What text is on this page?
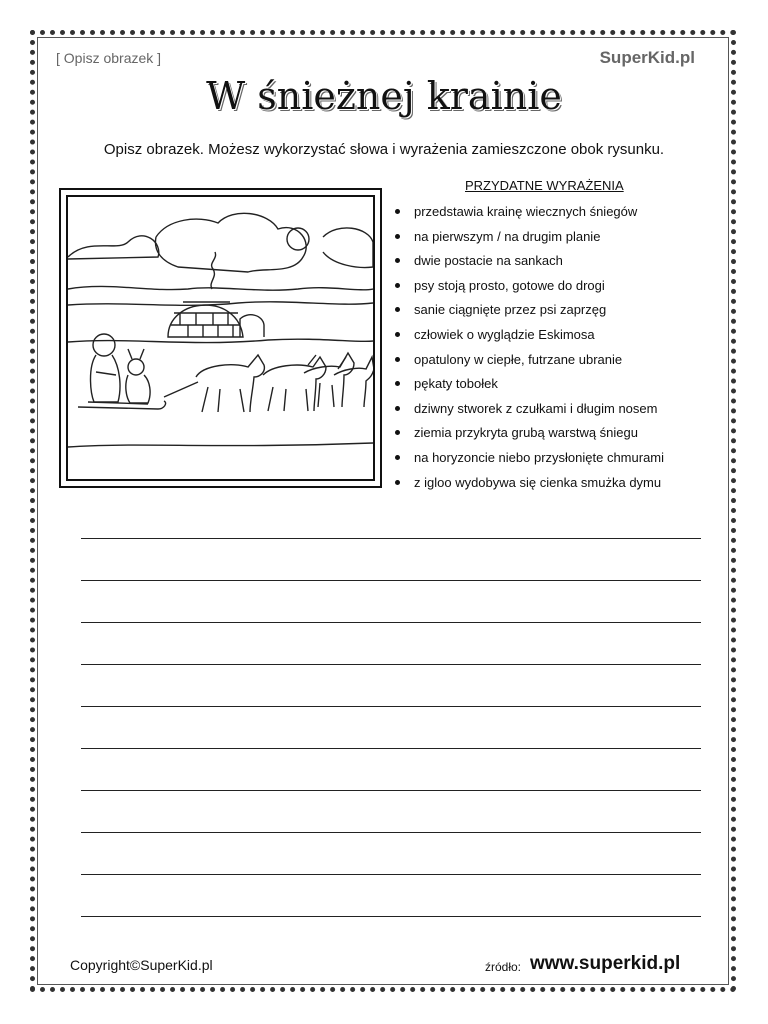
[ Opisz obrazek ]	SuperKid.pl
W śnieżnej krainie
Opisz obrazek. Możesz wykorzystać słowa i wyrażenia zamieszczone obok rysunku.
PRZYDATNE WYRAŻENIA
przedstawia krainę wiecznych śniegów
na pierwszym / na drugim planie
dwie postacie na sankach
psy stoją prosto, gotowe do drogi
sanie ciągnięte przez psi zaprzęg
człowiek o wyglądzie Eskimosa
opatulony w ciepłe, futrzane ubranie
pękaty tobołek
dziwny stworek z czułkami i długim nosem
ziemia przykryta grubą warstwą śniegu
na horyzoncie niebo przysłonięte chmurami
z igloo wydobywa się cienka smużka dymu
Copyright©SuperKid.pl	źródło: www.superkid.pl
